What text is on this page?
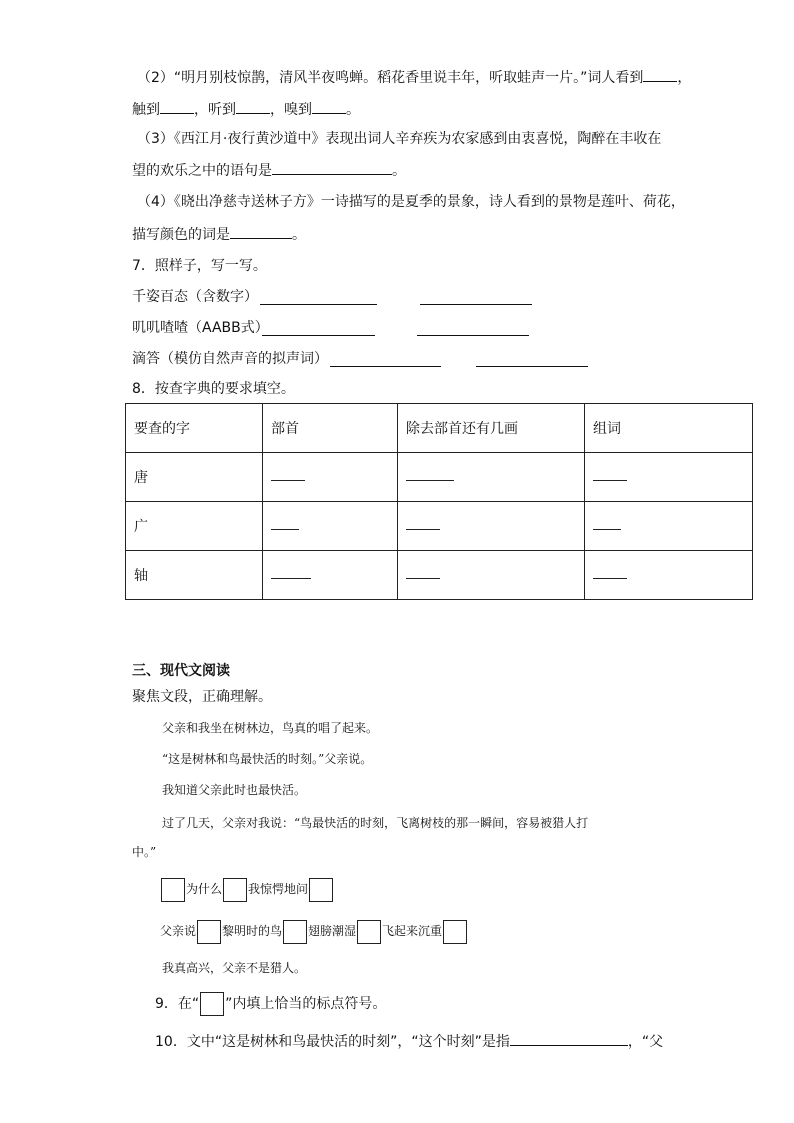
（2）“明月别枝惊鹊，清风半夜鸣蝉。稻花香里说丰年，听取蛙声一片。”词人看到 ，
触到 ，听到 ，嗅到 。
（3）《西江月·夜行黄沙道中》表现出词人辛弃疾为农家感到由衷喜悦，陶醉在丰收在
望的欢乐之中的语句是	。
（4）《晓出净慈寺送林子方》一诗描写的是夏季的景象，诗人看到的景物是莲叶、荷花，
描写颜色的词是	。
7．照样子，写一写。
千姿百态（含数字）
叽叽喳喳（AABB式）
滴答（模仿自然声音的拟声词）
8．按查字典的要求填空。
要查的字	部首	除去部首还有几画	组词
唐			
广			
轴			
三、现代文阅读
聚焦文段，正确理解。
父亲和我坐在树林边，鸟真的唱了起来。
“这是树林和鸟最快活的时刻。”父亲说。
我知道父亲此时也最快活。
过了几天，父亲对我说：“鸟最快活的时刻，飞离树枝的那一瞬间，容易被猎人打
中。”
为什么 我惊愕地问
父亲说 黎明时的鸟 翅膀潮湿 飞起来沉重
我真高兴，父亲不是猎人。
9．在“ ”内填上恰当的标点符号。
10．文中“这是树林和鸟最快活的时刻”，“这个时刻”是指	，“父
